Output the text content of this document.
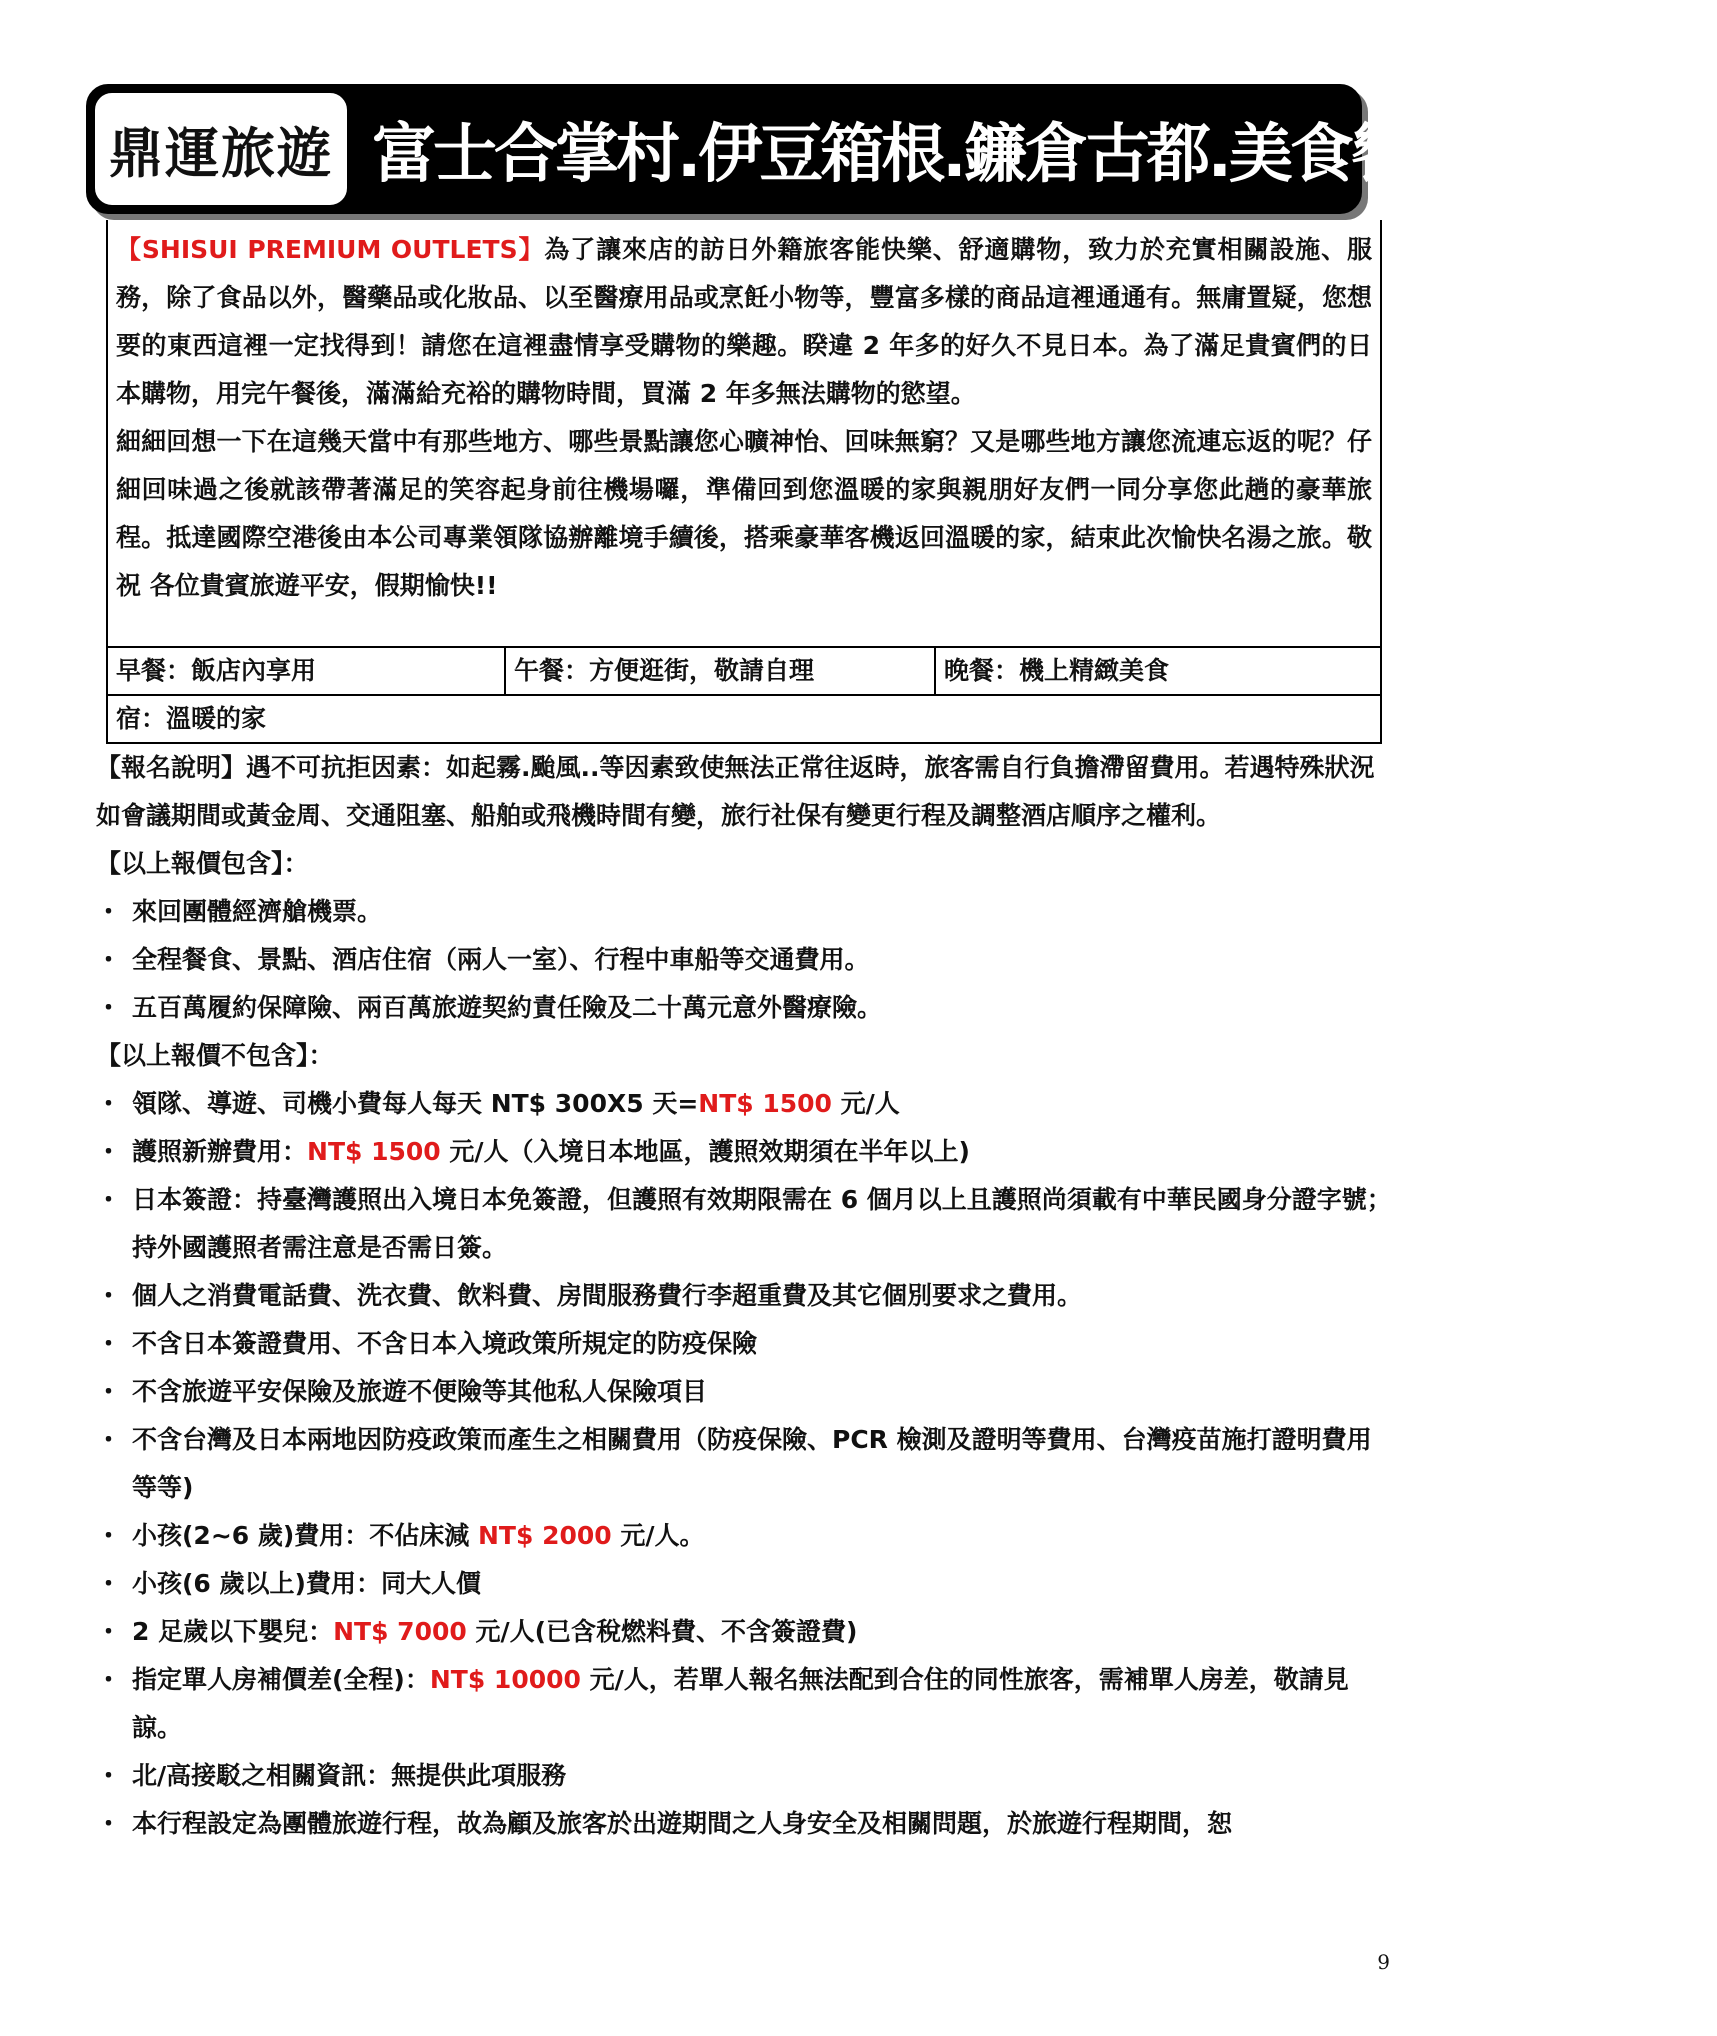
鼎運旅遊 富士合掌村.伊豆箱根.鐮倉古都.美食饗宴溫泉五日

【SHISUI PREMIUM OUTLETS】為了讓來店的訪日外籍旅客能快樂、舒適購物，致力於充實相關設施、服務，除了食品以外，醫藥品或化妝品、以至醫療用品或烹飪小物等，豐富多樣的商品這裡通通有。無庸置疑，您想要的東西這裡一定找得到！請您在這裡盡情享受購物的樂趣。睽違 2 年多的好久不見日本。為了滿足貴賓們的日本購物，用完午餐後，滿滿給充裕的購物時間，買滿 2 年多無法購物的慾望。

細細回想一下在這幾天當中有那些地方、哪些景點讓您心曠神怡、回味無窮？又是哪些地方讓您流連忘返的呢？仔細回味過之後就該帶著滿足的笑容起身前往機場囉，準備回到您溫暖的家與親朋好友們一同分享您此趟的豪華旅程。抵達國際空港後由本公司專業領隊協辦離境手續後，搭乘豪華客機返回溫暖的家，結束此次愉快名湯之旅。敬祝 各位貴賓旅遊平安，假期愉快!!

早餐：飯店內享用	午餐：方便逛街，敬請自理	晚餐：機上精緻美食
宿：溫暖的家

【報名說明】遇不可抗拒因素：如起霧.颱風..等因素致使無法正常往返時，旅客需自行負擔滯留費用。若遇特殊狀況如會議期間或黃金周、交通阻塞、船舶或飛機時間有變，旅行社保有變更行程及調整酒店順序之權利。

【以上報價包含】：

・ 來回團體經濟艙機票。

・ 全程餐食、景點、酒店住宿（兩人一室）、行程中車船等交通費用。

・ 五百萬履約保障險、兩百萬旅遊契約責任險及二十萬元意外醫療險。

【以上報價不包含】：

・ 領隊、導遊、司機小費每人每天 NT$ 300X5 天=NT$ 1500 元/人

・ 護照新辦費用：NT$ 1500 元/人（入境日本地區，護照效期須在半年以上)

・ 日本簽證：持臺灣護照出入境日本免簽證，但護照有效期限需在 6 個月以上且護照尚須載有中華民國身分證字號；持外國護照者需注意是否需日簽。

・ 個人之消費電話費、洗衣費、飲料費、房間服務費行李超重費及其它個別要求之費用。

・ 不含日本簽證費用、不含日本入境政策所規定的防疫保險

・ 不含旅遊平安保險及旅遊不便險等其他私人保險項目

・ 不含台灣及日本兩地因防疫政策而產生之相關費用（防疫保險、PCR 檢測及證明等費用、台灣疫苗施打證明費用等等)

・ 小孩(2~6 歲)費用：不佔床減 NT$ 2000 元/人。

・ 小孩(6 歲以上)費用：同大人價

・ 2 足歲以下嬰兒：NT$ 7000 元/人(已含稅燃料費、不含簽證費)

・ 指定單人房補價差(全程)：NT$ 10000 元/人，若單人報名無法配到合住的同性旅客，需補單人房差，敬請見諒。

・ 北/高接駁之相關資訊：無提供此項服務

・ 本行程設定為團體旅遊行程，故為顧及旅客於出遊期間之人身安全及相關問題，於旅遊行程期間，恕

9
